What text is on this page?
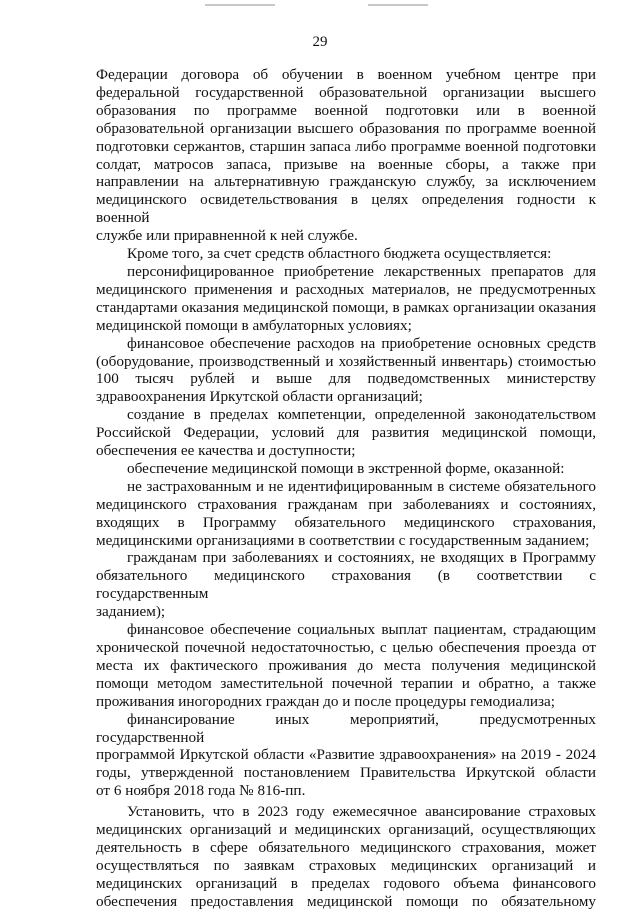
29

Федерации договора об обучении в военном учебном центре при

федеральной государственной образовательной организации высшего

образования по программе военной подготовки или в военной

образовательной организации высшего образования по программе военной

подготовки сержантов, старшин запаса либо программе военной подготовки

солдат, матросов запаса, призыве на военные сборы, а также при

направлении на альтернативную гражданскую службу, за исключением

медицинского освидетельствования в целях определения годности к военной

службе или приравненной к ней службе.

Кроме того, за счет средств областного бюджета осуществляется:

персонифицированное приобретение лекарственных препаратов для

медицинского применения и расходных материалов, не предусмотренных

стандартами оказания медицинской помощи, в рамках организации оказания

медицинской помощи в амбулаторных условиях;

финансовое обеспечение расходов на приобретение основных средств

(оборудование, производственный и хозяйственный инвентарь) стоимостью

100 тысяч рублей и выше для подведомственных министерству

здравоохранения Иркутской области организаций;

создание в пределах компетенции, определенной законодательством

Российской Федерации, условий для развития медицинской помощи,

обеспечения ее качества и доступности;

обеспечение медицинской помощи в экстренной форме, оказанной:

не застрахованным и не идентифицированным в системе обязательного

медицинского страхования гражданам при заболеваниях и состояниях,

входящих в Программу обязательного медицинского страхования,

медицинскими организациями в соответствии с государственным заданием;

гражданам при заболеваниях и состояниях, не входящих в Программу

обязательного медицинского страхования (в соответствии с государственным

заданием);

финансовое обеспечение социальных выплат пациентам, страдающим

хронической почечной недостаточностью, с целью обеспечения проезда от

места их фактического проживания до места получения медицинской

помощи методом заместительной почечной терапии и обратно, а также

проживания иногородних граждан до и после процедуры гемодиализа;

финансирование иных мероприятий, предусмотренных государственной

программой Иркутской области «Развитие здравоохранения» на 2019 - 2024

годы, утвержденной постановлением Правительства Иркутской области

от 6 ноября 2018 года № 816-пп.

Установить, что в 2023 году ежемесячное авансирование страховых

медицинских организаций и медицинских организаций, осуществляющих

деятельность в сфере обязательного медицинского страхования, может

осуществляться по заявкам страховых медицинских организаций и

медицинских организаций в пределах годового объема финансового

обеспечения предоставления медицинской помощи по обязательному
